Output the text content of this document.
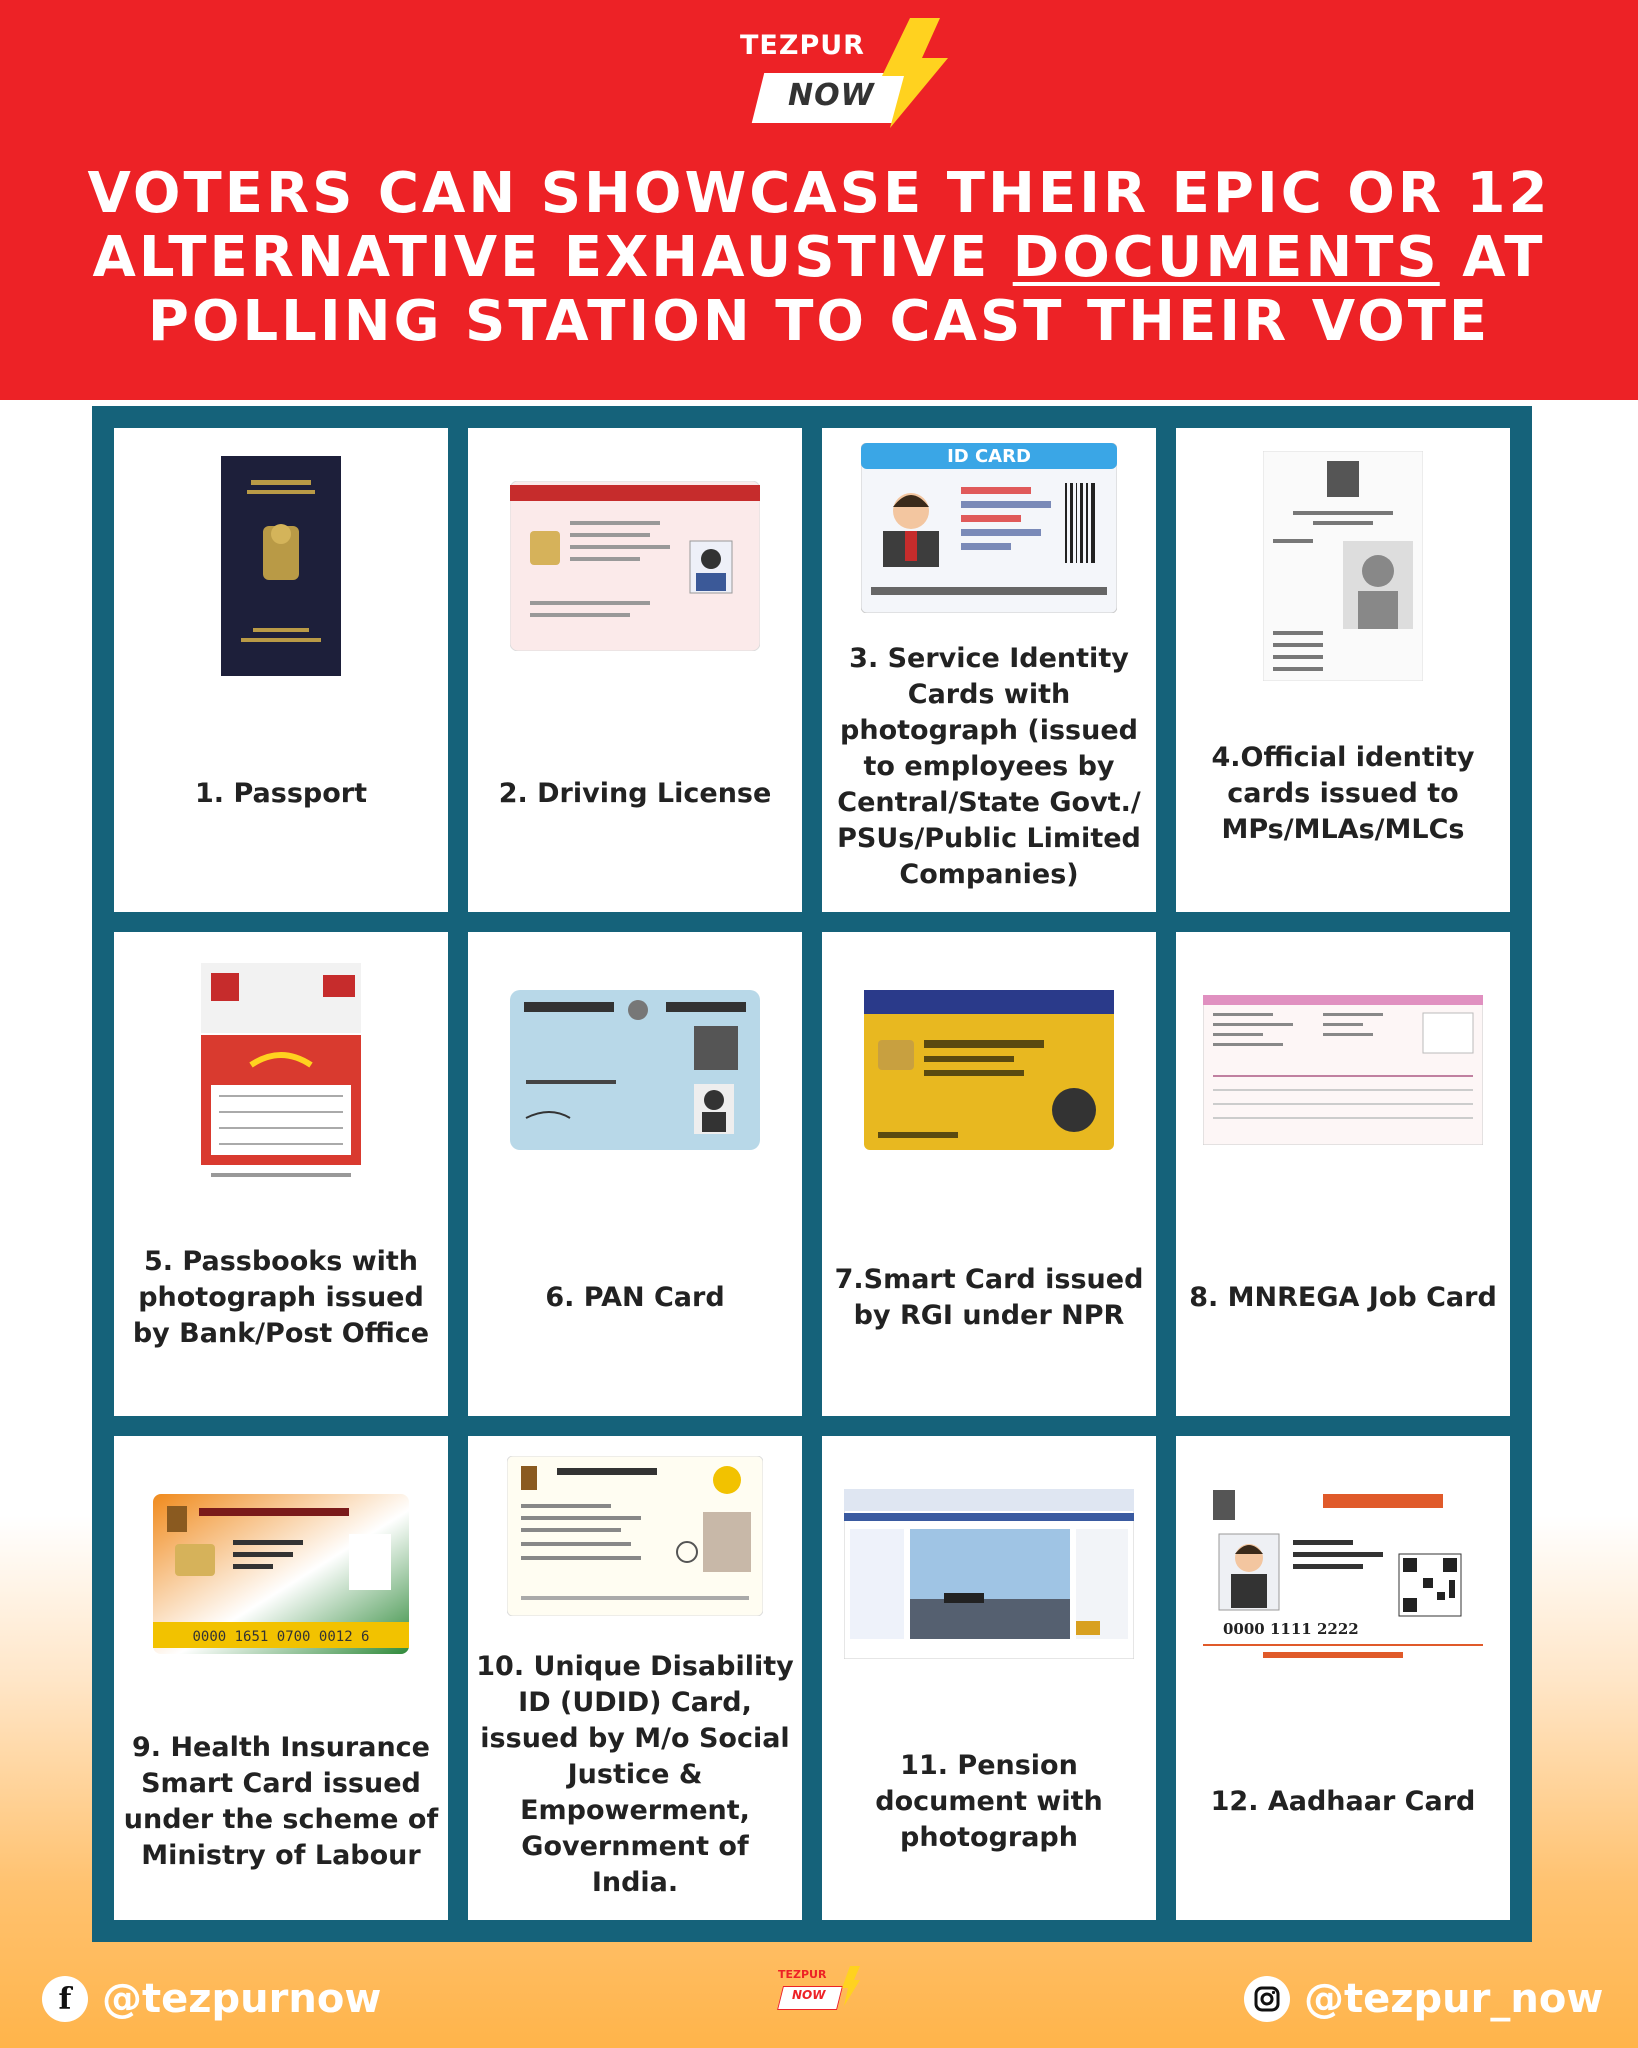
TEZPUR
NOW
VOTERS CAN SHOWCASE THEIR EPIC OR 12 ALTERNATIVE EXHAUSTIVE DOCUMENTS AT POLLING STATION TO CAST THEIR VOTE
1. Passport	2. Driving License
ID CARD
3. Service Identity Cards with photograph (issued to employees by Central/State Govt./ PSUs/Public Limited Companies)
4.Official identity cards issued to MPs/MLAs/MLCs
5. Passbooks with photograph issued by Bank/Post Office
6. PAN Card
7.Smart Card issued by RGI under NPR
8. MNREGA Job Card
0000 1651 0700 0012 6
9. Health Insurance Smart Card issued under the scheme of Ministry of Labour
10. Unique Disability ID (UDID) Card, issued by M/o Social Justice & Empowerment, Government of India.
11. Pension document with photograph
0000 1111 2222
12. Aadhaar Card
f @tezpurnow
TEZPUR
NOW	@tezpur_now
